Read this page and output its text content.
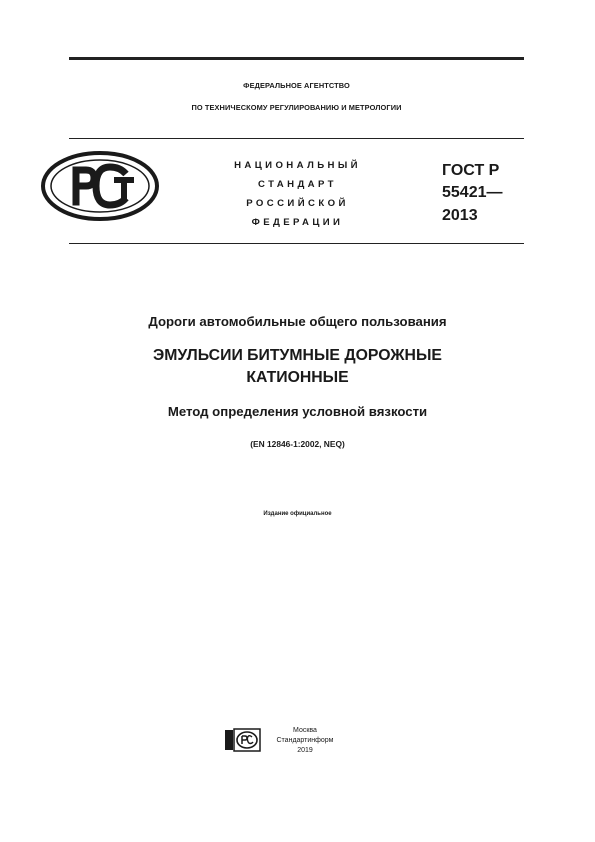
ФЕДЕРАЛЬНОЕ АГЕНТСТВО
ПО ТЕХНИЧЕСКОМУ РЕГУЛИРОВАНИЮ И МЕТРОЛОГИИ
НАЦИОНАЛЬНЫЙ
СТАНДАРТ
РОССИЙСКОЙ
ФЕДЕРАЦИИ
ГОСТ Р
55421—
2013
Дороги автомобильные общего пользования
ЭМУЛЬСИИ БИТУМНЫЕ ДОРОЖНЫЕ
КАТИОННЫЕ
Метод определения условной вязкости
(EN 12846-1:2002, NEQ)
Издание официальное
Москва
Стандартинформ
2019
